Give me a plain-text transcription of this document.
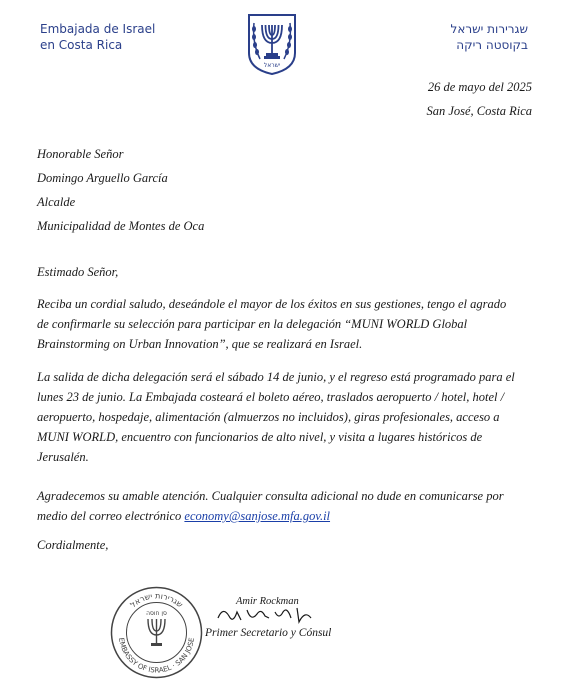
Embajada de Israel
en Costa Rica
ישראל
שגרירות ישראל
בקוסטה ריקה
26 de mayo del 2025
San José, Costa Rica
Honorable Señor
Domingo Arguello García
Alcalde
Municipalidad de Montes de Oca
Estimado Señor,
Reciba un cordial saludo, deseándole el mayor de los éxitos en sus gestiones, tengo el agrado de confirmarle su selección para participar en la delegación “MUNI WORLD Global Brainstorming on Urban Innovation”, que se realizará en Israel.
La salida de dicha delegación será el sábado 14 de junio, y el regreso está programado para el lunes 23 de junio. La Embajada costeará el boleto aéreo, traslados aeropuerto / hotel, hotel / aeropuerto, hospedaje, alimentación (almuerzos no incluidos), giras profesionales, acceso a MUNI WORLD, encuentro con funcionarios de alto nivel, y visita a lugares históricos de Jerusalén.
Agradecemos su amable atención. Cualquier consulta adicional no dude en comunicarse por medio del correo electrónico economy@sanjose.mfa.gov.il
Cordialmente,
שגרירות ישראל
EMBASSY OF ISRAEL · SAN JOSE
סן חוסה
Amir Rockman
Primer Secretario y Cónsul
